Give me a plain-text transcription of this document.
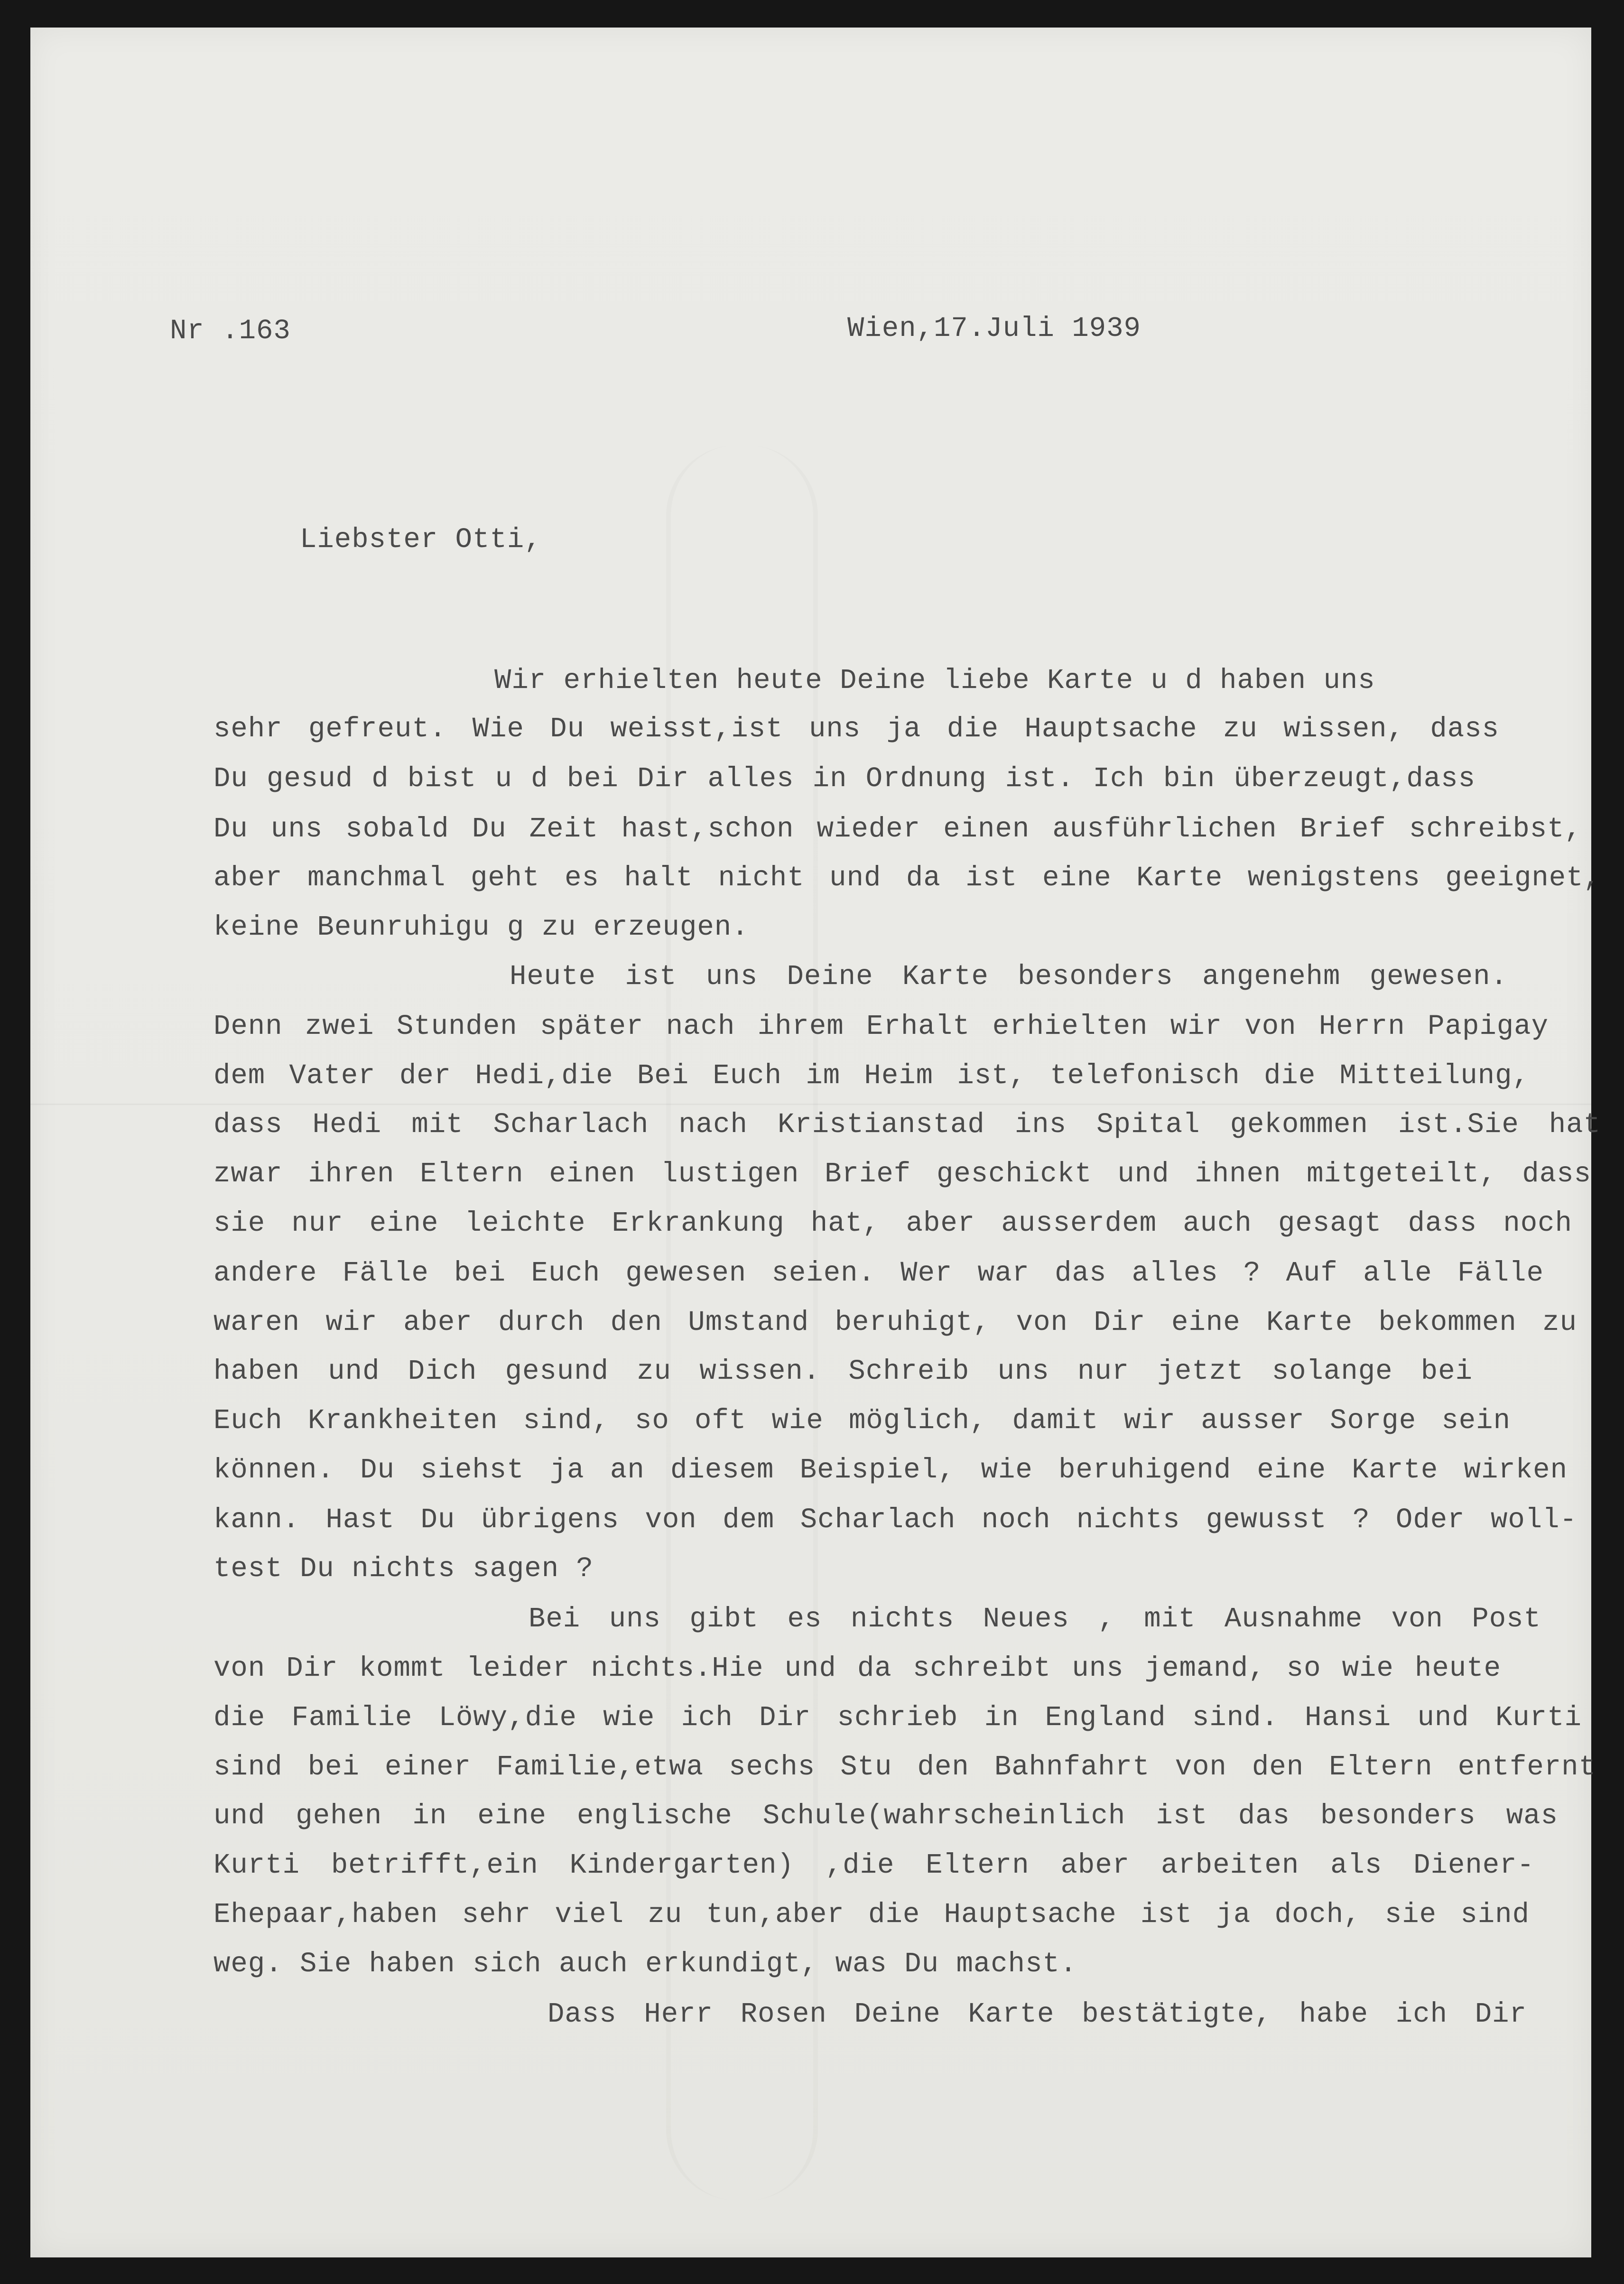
Nr .163	Wien,17.Juli 1939

Liebster Otti,

Wir erhielten heute Deine liebe Karte u d haben uns

sehr gefreut. Wie Du weisst,ist uns ja die Hauptsache zu wissen, dass

Du gesud d bist u d bei Dir alles in Ordnung ist. Ich bin überzeugt,dass

Du uns sobald Du Zeit hast,schon wieder einen ausführlichen Brief schreibst,

aber manchmal geht es halt nicht und da ist eine Karte wenigstens geeignet,

keine Beunruhigu g zu erzeugen.

Heute ist uns Deine Karte besonders angenehm gewesen.

Denn zwei Stunden später nach ihrem Erhalt erhielten wir von Herrn Papigay

dem Vater der Hedi,die Bei Euch im Heim ist, telefonisch die Mitteilung,

dass Hedi mit Scharlach nach Kristianstad ins Spital gekommen ist.Sie hat

zwar ihren Eltern einen lustigen Brief geschickt und ihnen mitgeteilt, dass

sie nur eine leichte Erkrankung hat, aber ausserdem auch gesagt dass noch

andere Fälle bei Euch gewesen seien. Wer war das alles ? Auf alle Fälle

waren wir aber durch den Umstand beruhigt, von Dir eine Karte bekommen zu

haben und Dich gesund zu wissen. Schreib uns nur jetzt solange bei

Euch Krankheiten sind, so oft wie möglich, damit wir ausser Sorge sein

können. Du siehst ja an diesem Beispiel, wie beruhigend eine Karte wirken

kann. Hast Du übrigens von dem Scharlach noch nichts gewusst ? Oder woll-

test Du nichts sagen ?

Bei uns gibt es nichts Neues , mit Ausnahme von Post

von Dir kommt leider nichts.Hie und da schreibt uns jemand, so wie heute

die Familie Löwy,die wie ich Dir schrieb in England sind. Hansi und Kurti

sind bei einer Familie,etwa sechs Stu den Bahnfahrt von den Eltern entfernt

und gehen in eine englische Schule(wahrscheinlich ist das besonders was

Kurti betrifft,ein Kindergarten) ,die Eltern aber arbeiten als Diener-

Ehepaar,haben sehr viel zu tun,aber die Hauptsache ist ja doch, sie sind

weg. Sie haben sich auch erkundigt, was Du machst.

Dass Herr Rosen Deine Karte bestätigte, habe ich Dir
